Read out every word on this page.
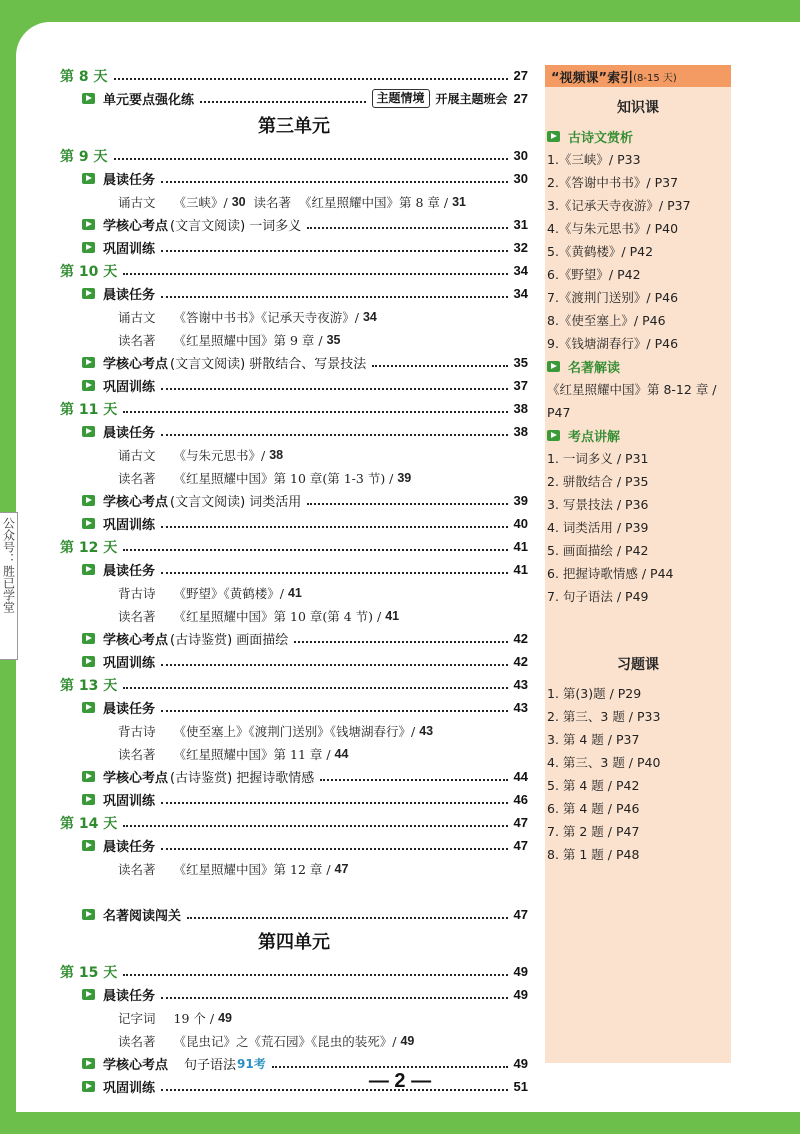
公众号：胜已学堂
第 8 天	27
单元要点强化练	主题情境 开展主题班会 27
第三单元
第 9 天	30
晨读任务	30
诵古文 《三峡》/ 30 读名著  《红星照耀中国》第 8 章 / 31
学核心考点 (文言文阅读) 一词多义	31
巩固训练	32
第 10 天	34
晨读任务	34
诵古文 《答谢中书书》《记承天寺夜游》/ 34
读名著 《红星照耀中国》第 9 章 / 35
学核心考点 (文言文阅读) 骈散结合、写景技法	35
巩固训练	37
第 11 天	38
晨读任务	38
诵古文 《与朱元思书》/ 38
读名著 《红星照耀中国》第 10 章(第 1-3 节) / 39
学核心考点 (文言文阅读) 词类活用	39
巩固训练	40
第 12 天	41
晨读任务	41
背古诗 《野望》《黄鹤楼》/ 41
读名著 《红星照耀中国》第 10 章(第 4 节) / 41
学核心考点 (古诗鉴赏) 画面描绘	42
巩固训练	42
第 13 天	43
晨读任务	43
背古诗 《使至塞上》《渡荆门送别》《钱塘湖春行》/ 43
读名著 《红星照耀中国》第 11 章 / 44
学核心考点 (古诗鉴赏) 把握诗歌情感	44
巩固训练	46
第 14 天	47
晨读任务	47
读名著 《红星照耀中国》第 12 章 / 47
名著阅读闯关	47
第四单元
第 15 天	49
晨读任务	49
记字词 19 个 / 49
读名著 《昆虫记》之《荒石园》《昆虫的装死》/ 49
学核心考点 句子语法 91考	49
巩固训练	51
“视频课”索引 (8-15 天)
知识课
古诗文赏析
1.《三峡》/ P33
2.《答谢中书书》/ P37
3.《记承天寺夜游》/ P37
4.《与朱元思书》/ P40
5.《黄鹤楼》/ P42
6.《野望》/ P42
7.《渡荆门送别》/ P46
8.《使至塞上》/ P46
9.《钱塘湖春行》/ P46
名著解读
《红星照耀中国》第 8-12 章 /
P47
考点讲解
1. 一词多义 / P31
2. 骈散结合 / P35
3. 写景技法 / P36
4. 词类活用 / P39
5. 画面描绘 / P42
6. 把握诗歌情感 / P44
7. 句子语法 / P49
习题课
1. 第(3)题 / P29
2. 第三、3 题 / P33
3. 第 4 题 / P37
4. 第三、3 题 / P40
5. 第 4 题 / P42
6. 第 4 题 / P46
7. 第 2 题 / P47
8. 第 1 题 / P48
— 2 —
